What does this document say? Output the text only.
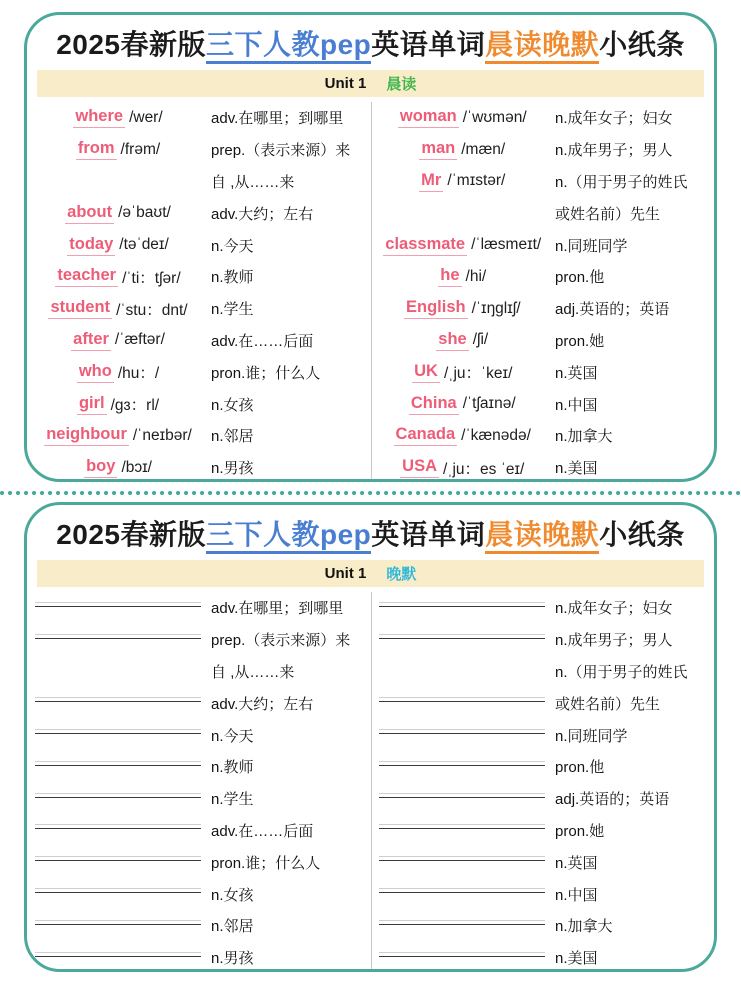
2025春新版三下人教pep英语单词晨读晚默小纸条
Unit 1 晨读
where /wer/	adv.在哪里；到哪里
from /frəm/	prep.（表示来源）来
自 ,从……来
about /əˈbaʊt/	adv.大约；左右
today /təˈdeɪ/	n.今天
teacher /ˈti：tʃər/ n.教师
student /ˈstu：dnt/ n.学生
after /ˈæftər/	adv.在……后面
who /hu：/	pron.谁；什么人
girl /gɜ：rl/	n.女孩
neighbour /ˈneɪbər/ n.邻居
boy /bɔɪ/	n.男孩
woman /ˈwʊmən/ n.成年女子；妇女
man /mæn/	n.成年男子；男人
Mr /ˈmɪstər/	n.（用于男子的姓氏
或姓名前）先生
classmate /ˈlæsmeɪt/ n.同班同学
he /hi/	pron.他
English /ˈɪŋglɪʃ/ adj.英语的；英语
she /ʃi/	pron.她
UK /ˌju：ˈkeɪ/	n.英国
China /ˈtʃaɪnə/	n.中国
Canada /ˈkænədə/ n.加拿大
USA /ˌju：es ˈeɪ/ n.美国
2025春新版三下人教pep英语单词晨读晚默小纸条
Unit 1 晚默
adv.在哪里；到哪里
prep.（表示来源）来
自 ,从……来
adv.大约；左右
n.今天
n.教师
n.学生
adv.在……后面
pron.谁；什么人
n.女孩
n.邻居
n.男孩
n.成年女子；妇女
n.成年男子；男人
n.（用于男子的姓氏
或姓名前）先生
n.同班同学
pron.他
adj.英语的；英语
pron.她
n.英国
n.中国
n.加拿大
n.美国
